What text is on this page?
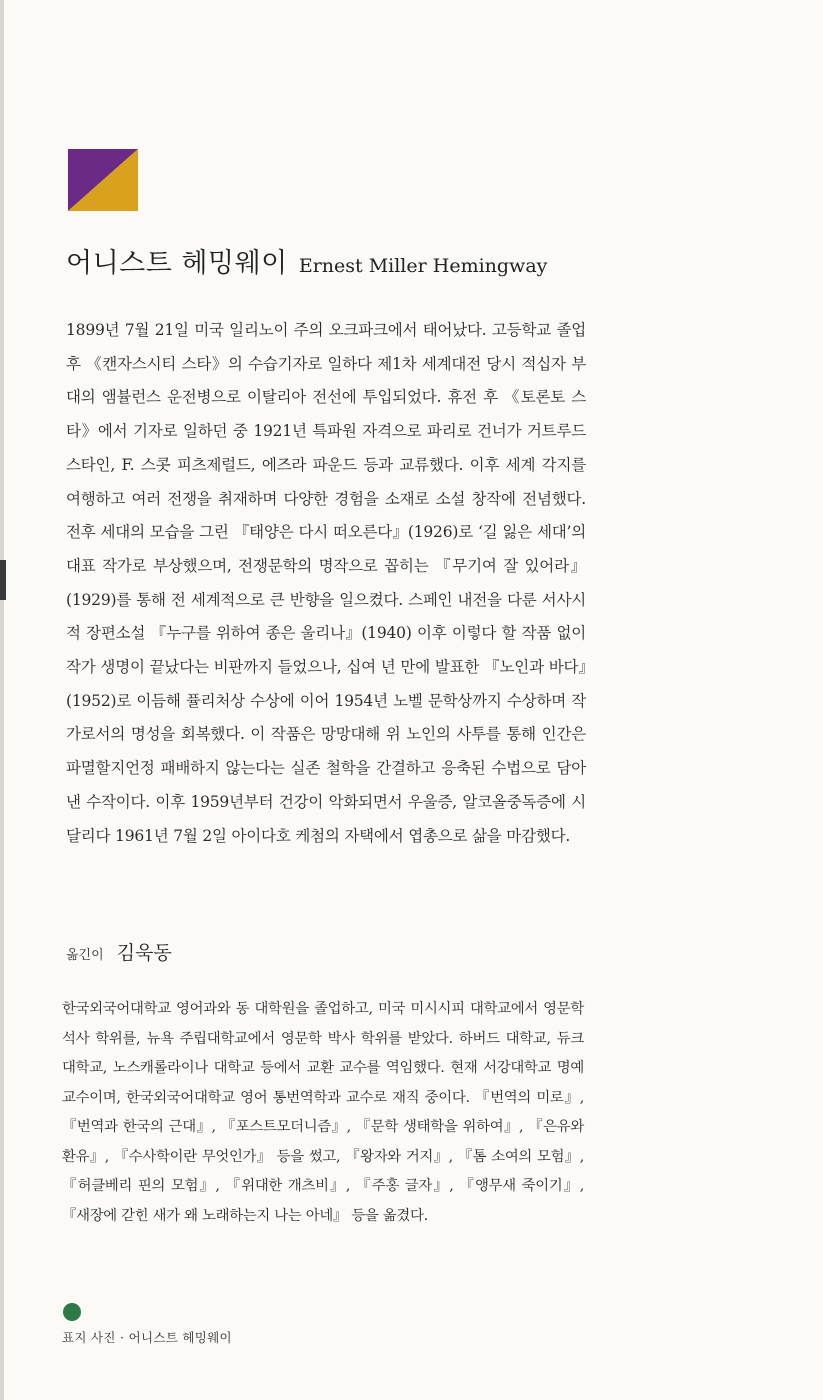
어니스트 헤밍웨이 Ernest Miller Hemingway
1899년 7월 21일 미국 일리노이 주의 오크파크에서 태어났다. 고등학교 졸업 후 《캔자스시티 스타》의 수습기자로 일하다 제1차 세계대전 당시 적십자 부대의 앰뷸런스 운전병으로 이탈리아 전선에 투입되었다. 휴전 후 《토론토 스타》에서 기자로 일하던 중 1921년 특파원 자격으로 파리로 건너가 거트루드 스타인, F. 스콧 피츠제럴드, 에즈라 파운드 등과 교류했다. 이후 세계 각지를 여행하고 여러 전쟁을 취재하며 다양한 경험을 소재로 소설 창작에 전념했다. 전후 세대의 모습을 그린 『태양은 다시 떠오른다』(1926)로 ‘길 잃은 세대’의 대표 작가로 부상했으며, 전쟁문학의 명작으로 꼽히는 『무기여 잘 있어라』(1929)를 통해 전 세계적으로 큰 반향을 일으켰다. 스페인 내전을 다룬 서사시적 장편소설 『누구를 위하여 종은 울리나』(1940) 이후 이렇다 할 작품 없이 작가 생명이 끝났다는 비판까지 들었으나, 십여 년 만에 발표한 『노인과 바다』(1952)로 이듬해 퓰리처상 수상에 이어 1954년 노벨 문학상까지 수상하며 작가로서의 명성을 회복했다. 이 작품은 망망대해 위 노인의 사투를 통해 인간은 파멸할지언정 패배하지 않는다는 실존 철학을 간결하고 응축된 수법으로 담아낸 수작이다. 이후 1959년부터 건강이 악화되면서 우울증, 알코올중독증에 시달리다 1961년 7월 2일 아이다호 케첨의 자택에서 엽총으로 삶을 마감했다.
옮긴이 김욱동
한국외국어대학교 영어과와 동 대학원을 졸업하고, 미국 미시시피 대학교에서 영문학 석사 학위를, 뉴욕 주립대학교에서 영문학 박사 학위를 받았다. 하버드 대학교, 듀크 대학교, 노스캐롤라이나 대학교 등에서 교환 교수를 역임했다. 현재 서강대학교 명예교수이며, 한국외국어대학교 영어 통번역학과 교수로 재직 중이다. 『번역의 미로』, 『번역과 한국의 근대』, 『포스트모더니즘』, 『문학 생태학을 위하여』, 『은유와 환유』, 『수사학이란 무엇인가』 등을 썼고, 『왕자와 거지』, 『톰 소여의 모험』, 『허클베리 핀의 모험』, 『위대한 개츠비』, 『주홍 글자』, 『앵무새 죽이기』, 『새장에 갇힌 새가 왜 노래하는지 나는 아네』 등을 옮겼다.
표지 사진 · 어니스트 헤밍웨이
